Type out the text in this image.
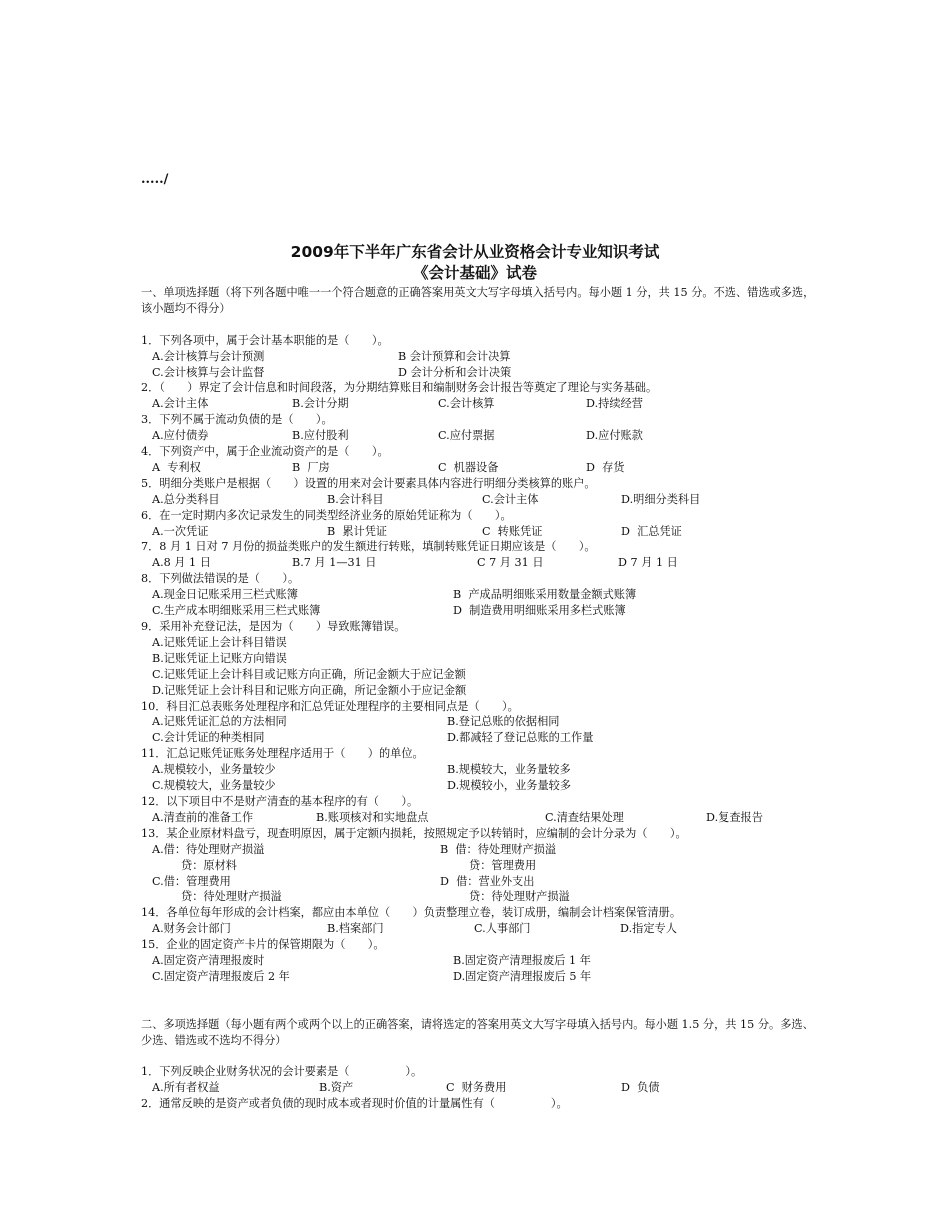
...../
2009年下半年广东省会计从业资格会计专业知识考试
《会计基础》试卷
一、单项选择题（将下列各题中唯一一个符合题意的正确答案用英文大写字母填入括号内。每小题 1 分，共 15 分。不选、错选或多选，该小题均不得分）
1．下列各项中，属于会计基本职能的是（　　）。
A.会计核算与会计预测	B 会计预算和会计决算
C.会计核算与会计监督	D 会计分析和会计决策
2．（　　）界定了会计信息和时间段落，为分期结算账目和编制财务会计报告等奠定了理论与实务基础。
A.会计主体	B.会计分期	C.会计核算	D.持续经营
3．下列不属于流动负债的是（　　）。
A.应付债券	B.应付股利	C.应付票据	D.应付账款
4．下列资产中，属于企业流动资产的是（　　）。
A  专利权	B  厂房	C  机器设备	D  存货
5．明细分类账户是根据（　　）设置的用来对会计要素具体内容进行明细分类核算的账户。
A.总分类科目	B.会计科目	C.会计主体	D.明细分类科目
6．在一定时期内多次记录发生的同类型经济业务的原始凭证称为（　　）。
A.一次凭证	B  累计凭证	C  转账凭证	D  汇总凭证
7．8 月 1 日对 7 月份的损益类账户的发生额进行转账，填制转账凭证日期应该是（　　）。
A.8 月 1 日	B.7 月 1—31 日	C 7 月 31 日	D 7 月 1 日
8．下列做法错误的是（　　）。
A.现金日记账采用三栏式账簿	B  产成品明细账采用数量金额式账簿
C.生产成本明细账采用三栏式账簿	D  制造费用明细账采用多栏式账簿
9．采用补充登记法，是因为（　　）导致账簿错误。
A.记账凭证上会计科目错误
B.记账凭证上记账方向错误
C.记账凭证上会计科目或记账方向正确，所记金额大于应记金额
D.记账凭证上会计科目和记账方向正确，所记金额小于应记金额
10．科目汇总表账务处理程序和汇总凭证处理程序的主要相同点是（　　）。
A.记账凭证汇总的方法相同	B.登记总账的依据相同
C.会计凭证的种类相同	D.都减轻了登记总账的工作量
11．汇总记账凭证账务处理程序适用于（　　）的单位。
A.规模较小，业务量较少	B.规模较大，业务量较多
C.规模较大，业务量较少	D.规模较小，业务量较多
12．以下项目中不是财产清查的基本程序的有（　　）。
A.清查前的准备工作	B.账项核对和实地盘点	C.清查结果处理	D.复查报告
13．某企业原材料盘亏，现查明原因，属于定额内损耗，按照规定予以转销时，应编制的会计分录为（　　）。
A.借：待处理财产损溢	B  借：待处理财产损溢
贷：原材料	贷：管理费用
C.借：管理费用	D  借：营业外支出
贷：待处理财产损溢	贷：待处理财产损溢
14．各单位每年形成的会计档案，都应由本单位（　　）负责整理立卷，装订成册，编制会计档案保管清册。
A.财务会计部门	B.档案部门	C.人事部门	D.指定专人
15．企业的固定资产卡片的保管期限为（　　）。
A.固定资产清理报废时	B.固定资产清理报废后 1 年
C.固定资产清理报废后 2 年	D.固定资产清理报废后 5 年
二、多项选择题（每小题有两个或两个以上的正确答案，请将选定的答案用英文大写字母填入括号内。每小题 1.5 分，共 15 分。多选、少选、错选或不选均不得分）
1．下列反映企业财务状况的会计要素是（　　　　　）。
A.所有者权益	B.资产	C  财务费用	D  负债
2．通常反映的是资产或者负债的现时成本或者现时价值的计量属性有（　　　　　）。
